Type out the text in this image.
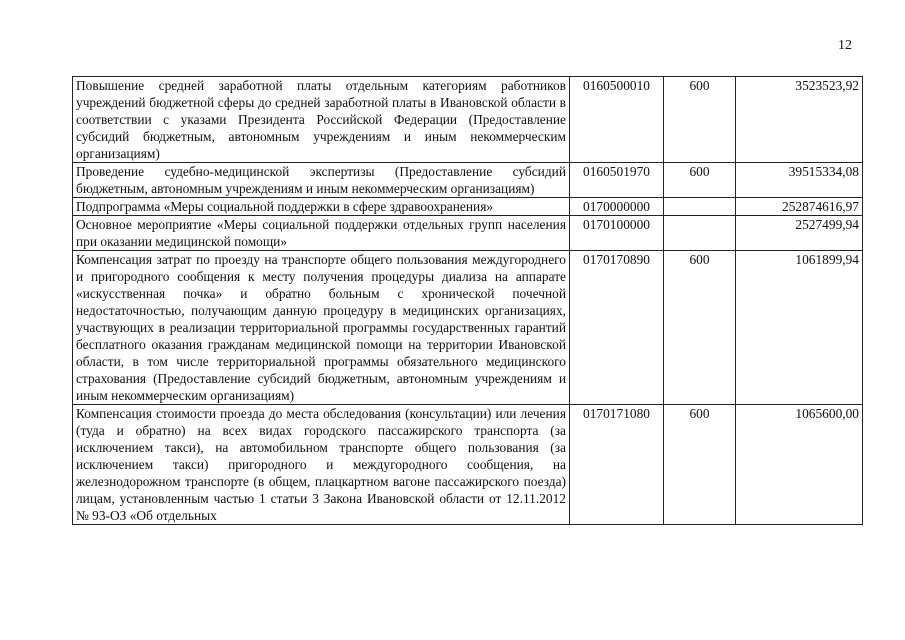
12
Повышение средней заработной платы отдельным категориям работников учреждений бюджетной сферы до средней заработной платы в Ивановской области в соответствии с указами Президента Российской Федерации (Предоставление субсидий бюджетным, автономным учреждениям и иным некоммерческим организациям)	0160500010	600	3523523,92
Проведение судебно-медицинской экспертизы (Предоставление субсидий бюджетным, автономным учреждениям и иным некоммерческим организациям)	0160501970	600	39515334,08
Подпрограмма «Меры социальной поддержки в сфере здравоохранения»	0170000000		252874616,97
Основное мероприятие «Меры социальной поддержки отдельных групп населения при оказании медицинской помощи»	0170100000		2527499,94
Компенсация затрат по проезду на транспорте общего пользования междугороднего и пригородного сообщения к месту получения процедуры диализа на аппарате «искусственная почка» и обратно больным с хронической почечной недостаточностью, получающим данную процедуру в медицинских организациях, участвующих в реализации территориальной программы государственных гарантий бесплатного оказания гражданам медицинской помощи на территории Ивановской области, в том числе территориальной программы обязательного медицинского страхования (Предоставление субсидий бюджетным, автономным учреждениям и иным некоммерческим организациям)	0170170890	600	1061899,94
Компенсация стоимости проезда до места обследования (консультации) или лечения (туда и обратно) на всех видах городского пассажирского транспорта (за исключением такси), на автомобильном транспорте общего пользования (за исключением такси) пригородного и междугородного сообщения, на железнодорожном транспорте (в общем, плацкартном вагоне пассажирского поезда) лицам, установленным частью 1 статьи 3 Закона Ивановской области от 12.11.2012 № 93-ОЗ «Об отдельных	0170171080	600	1065600,00
